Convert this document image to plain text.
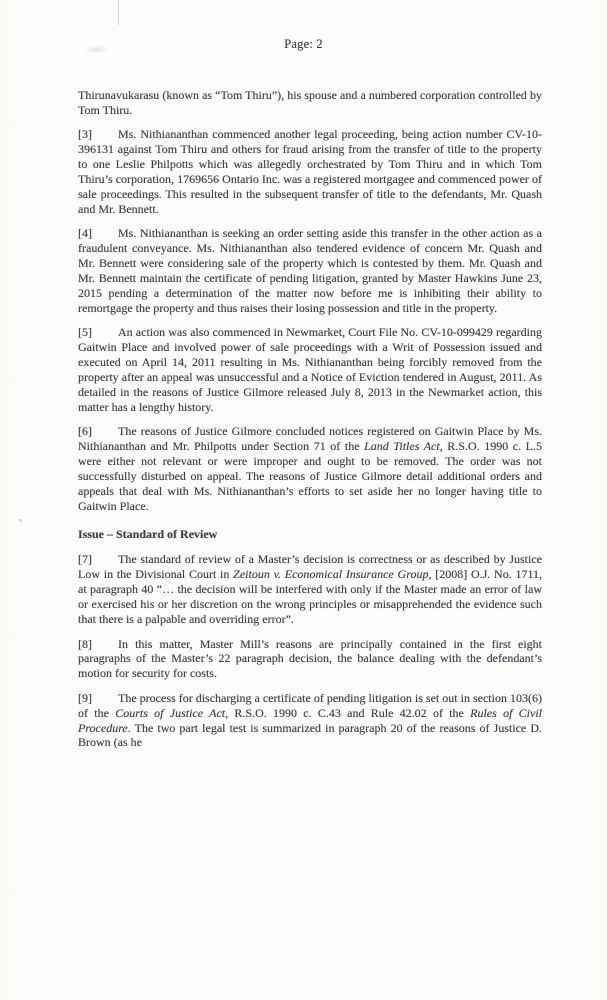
Page: 2

Thirunavukarasu (known as “Tom Thiru”), his spouse and a numbered corporation controlled by Tom Thiru.

[3] Ms. Nithiananthan commenced another legal proceeding, being action number CV-10-396131 against Tom Thiru and others for fraud arising from the transfer of title to the property to one Leslie Philpotts which was allegedly orchestrated by Tom Thiru and in which Tom Thiru’s corporation, 1769656 Ontario Inc. was a registered mortgagee and commenced power of sale proceedings. This resulted in the subsequent transfer of title to the defendants, Mr. Quash and Mr. Bennett.

[4] Ms. Nithiananthan is seeking an order setting aside this transfer in the other action as a fraudulent conveyance. Ms. Nithiananthan also tendered evidence of concern Mr. Quash and Mr. Bennett were considering sale of the property which is contested by them. Mr. Quash and Mr. Bennett maintain the certificate of pending litigation, granted by Master Hawkins June 23, 2015 pending a determination of the matter now before me is inhibiting their ability to remortgage the property and thus raises their losing possession and title in the property.

[5] An action was also commenced in Newmarket, Court File No. CV-10-099429 regarding Gaitwin Place and involved power of sale proceedings with a Writ of Possession issued and executed on April 14, 2011 resulting in Ms. Nithiananthan being forcibly removed from the property after an appeal was unsuccessful and a Notice of Eviction tendered in August, 2011. As detailed in the reasons of Justice Gilmore released July 8, 2013 in the Newmarket action, this matter has a lengthy history.

[6] The reasons of Justice Gilmore concluded notices registered on Gaitwin Place by Ms. Nithiananthan and Mr. Philpotts under Section 71 of the Land Titles Act, R.S.O. 1990 c. L.5 were either not relevant or were improper and ought to be removed. The order was not successfully disturbed on appeal. The reasons of Justice Gilmore detail additional orders and appeals that deal with Ms. Nithiananthan’s efforts to set aside her no longer having title to Gaitwin Place.

Issue – Standard of Review

[7] The standard of review of a Master’s decision is correctness or as described by Justice Low in the Divisional Court in Zeitoun v. Economical Insurance Group, [2008] O.J. No. 1711, at paragraph 40 “… the decision will be interfered with only if the Master made an error of law or exercised his or her discretion on the wrong principles or misapprehended the evidence such that there is a palpable and overriding error”.

[8] In this matter, Master Mill’s reasons are principally contained in the first eight paragraphs of the Master’s 22 paragraph decision, the balance dealing with the defendant’s motion for security for costs.

[9] The process for discharging a certificate of pending litigation is set out in section 103(6) of the Courts of Justice Act, R.S.O. 1990 c. C.43 and Rule 42.02 of the Rules of Civil Procedure. The two part legal test is summarized in paragraph 20 of the reasons of Justice D. Brown (as he
